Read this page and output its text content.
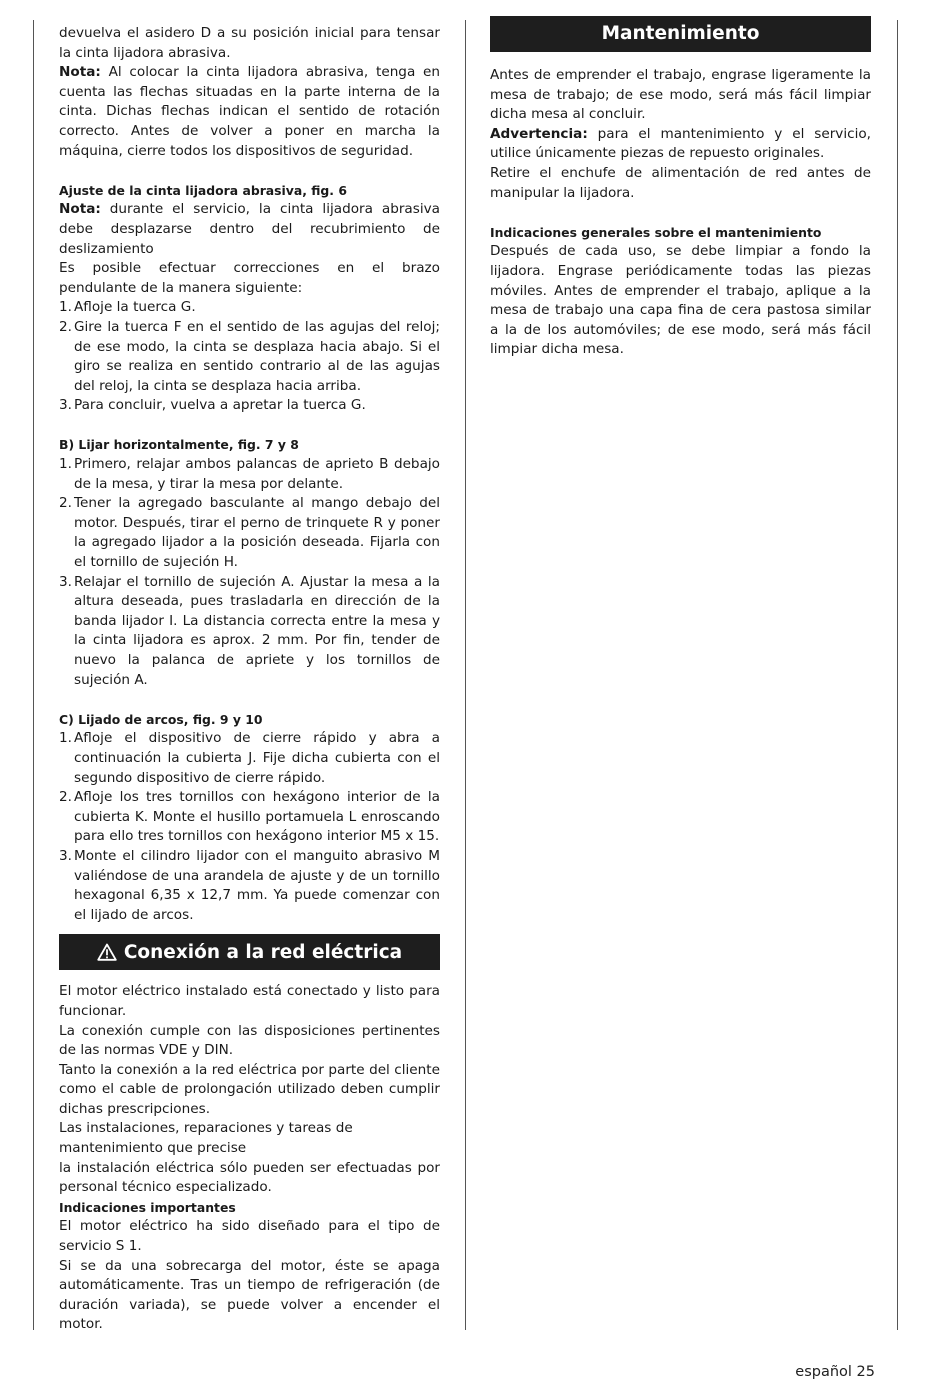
devuelva el asidero D a su posición inicial para tensar la cinta lijadora abrasiva.

Nota: Al colocar la cinta lijadora abrasiva, tenga en cuenta las flechas situadas en la parte interna de la cinta. Dichas flechas indican el sentido de rotación correcto. Antes de volver a poner en marcha la máquina, cierre todos los dispositivos de seguridad.

Ajuste de la cinta lijadora abrasiva, fig. 6

Nota: durante el servicio, la cinta lijadora abrasiva debe desplazarse dentro del recubrimiento de deslizamiento

Es posible efectuar correcciones en el brazo pendulante de la manera siguiente:

1. Afloje la tuerca G.
2. Gire la tuerca F en el sentido de las agujas del reloj; de ese modo, la cinta se desplaza hacia abajo. Si el giro se realiza en sentido contrario al de las agujas del reloj, la cinta se desplaza hacia arriba.
3. Para concluir, vuelva a apretar la tuerca G.

B) Lijar horizontalmente, fig. 7 y 8

1. Primero, relajar ambos palancas de aprieto B debajo de la mesa, y tirar la mesa por delante.
2. Tener la agregado basculante al mango debajo del motor. Después, tirar el perno de trinquete R y poner la agregado lijador a la posición deseada. Fijarla con el tornillo de sujeción H.
3. Relajar el tornillo de sujeción A. Ajustar la mesa a la altura deseada, pues trasladarla en dirección de la banda lijador I. La distancia correcta entre la mesa y la cinta lijadora es aprox. 2 mm. Por fin, tender de nuevo la palanca de apriete y los tornillos de sujeción A.

C) Lijado de arcos, fig. 9 y 10

1. Afloje el dispositivo de cierre rápido y abra a continuación la cubierta J. Fije dicha cubierta con el segundo dispositivo de cierre rápido.
2. Afloje los tres tornillos con hexágono interior de la cubierta K. Monte el husillo portamuela L enroscando para ello tres tornillos con hexágono interior M5 x 15.
3. Monte el cilindro lijador con el manguito abrasivo M valiéndose de una arandela de ajuste y de un tornillo hexagonal 6,35 x 12,7 mm. Ya puede comenzar con el lijado de arcos.
Conexión a la red eléctrica

El motor eléctrico instalado está conectado y listo para funcionar.

La conexión cumple con las disposiciones pertinentes de las normas VDE y DIN.

Tanto la conexión a la red eléctrica por parte del cliente como el cable de prolongación utilizado deben cumplir dichas prescripciones.

Las instalaciones, reparaciones y tareas de mantenimiento que precise

la instalación eléctrica sólo pueden ser efectuadas por personal técnico especializado.

Indicaciones importantes

El motor eléctrico ha sido diseñado para el tipo de servicio S 1.

Si se da una sobrecarga del motor, éste se apaga automáticamente. Tras un tiempo de refrigeración (de duración variada), se puede volver a encender el motor.

Mantenimiento

Antes de emprender el trabajo, engrase ligeramente la mesa de trabajo; de ese modo, será más fácil limpiar dicha mesa al concluir.

Advertencia: para el mantenimiento y el servicio, utilice únicamente piezas de repuesto originales.

Retire el enchufe de alimentación de red antes de manipular la lijadora.

Indicaciones generales sobre el mantenimiento

Después de cada uso, se debe limpiar a fondo la lijadora. Engrase periódicamente todas las piezas móviles. Antes de emprender el trabajo, aplique a la mesa de trabajo una capa fina de cera pastosa similar a la de los automóviles; de ese modo, será más fácil limpiar dicha mesa.

español 25
